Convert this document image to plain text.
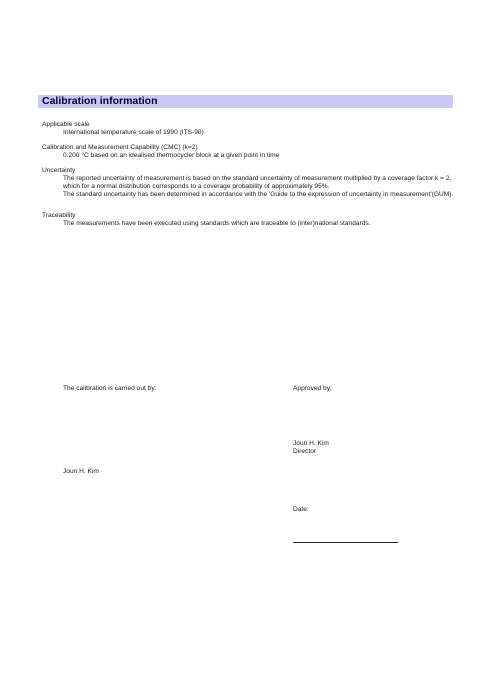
Calibration information
Applicable scale
International temperature scale of 1990 (ITS-90)
Calibration and Measurement Capability (CMC) (k=2)
0.200 °C based on an idealised thermocycler block at a given point in time
Uncertainty
The reported uncertainty of measurement is based on the standard uncertainty of measurement multiplied by a coverage factor k = 2, which for a normal distribution corresponds to a coverage probability of approximately 95%.
The standard uncertainty has been determined in accordance with the 'Guide to the expression of uncertainty in measurement'(GUM).
Traceability
The measurements have been executed using standards which are traceable to (inter)national standards.
The calibration is carried out by:	Approved by:
Joun H. Kim
Joun H. Kim
Director
Date:
